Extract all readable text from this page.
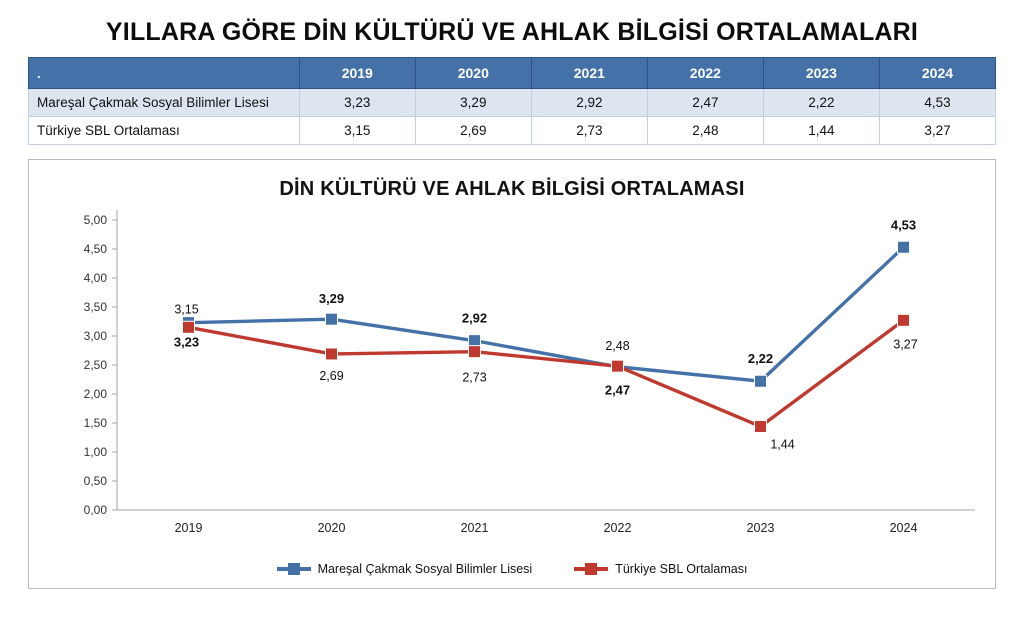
YILLARA GÖRE DİN KÜLTÜRÜ VE AHLAK BİLGİSİ ORTALAMALARI
.	2019	2020	2021	2022	2023	2024
Mareşal Çakmak Sosyal Bilimler Lisesi	3,23	3,29	2,92	2,47	2,22	4,53
Türkiye SBL Ortalaması	3,15	2,69	2,73	2,48	1,44	3,27
DİN KÜLTÜRÜ VE AHLAK BİLGİSİ ORTALAMASI
0,00
0,50
1,00
1,50
2,00
2,50
3,00
3,50
4,00
4,50
5,00
2019	2020	2021	2022	2023	2024
3,23
3,29
2,92
2,47
2,22
4,53
3,15
2,69	2,73
2,48
1,44
3,27
Mareşal Çakmak Sosyal Bilimler Lisesi	Türkiye SBL Ortalaması
